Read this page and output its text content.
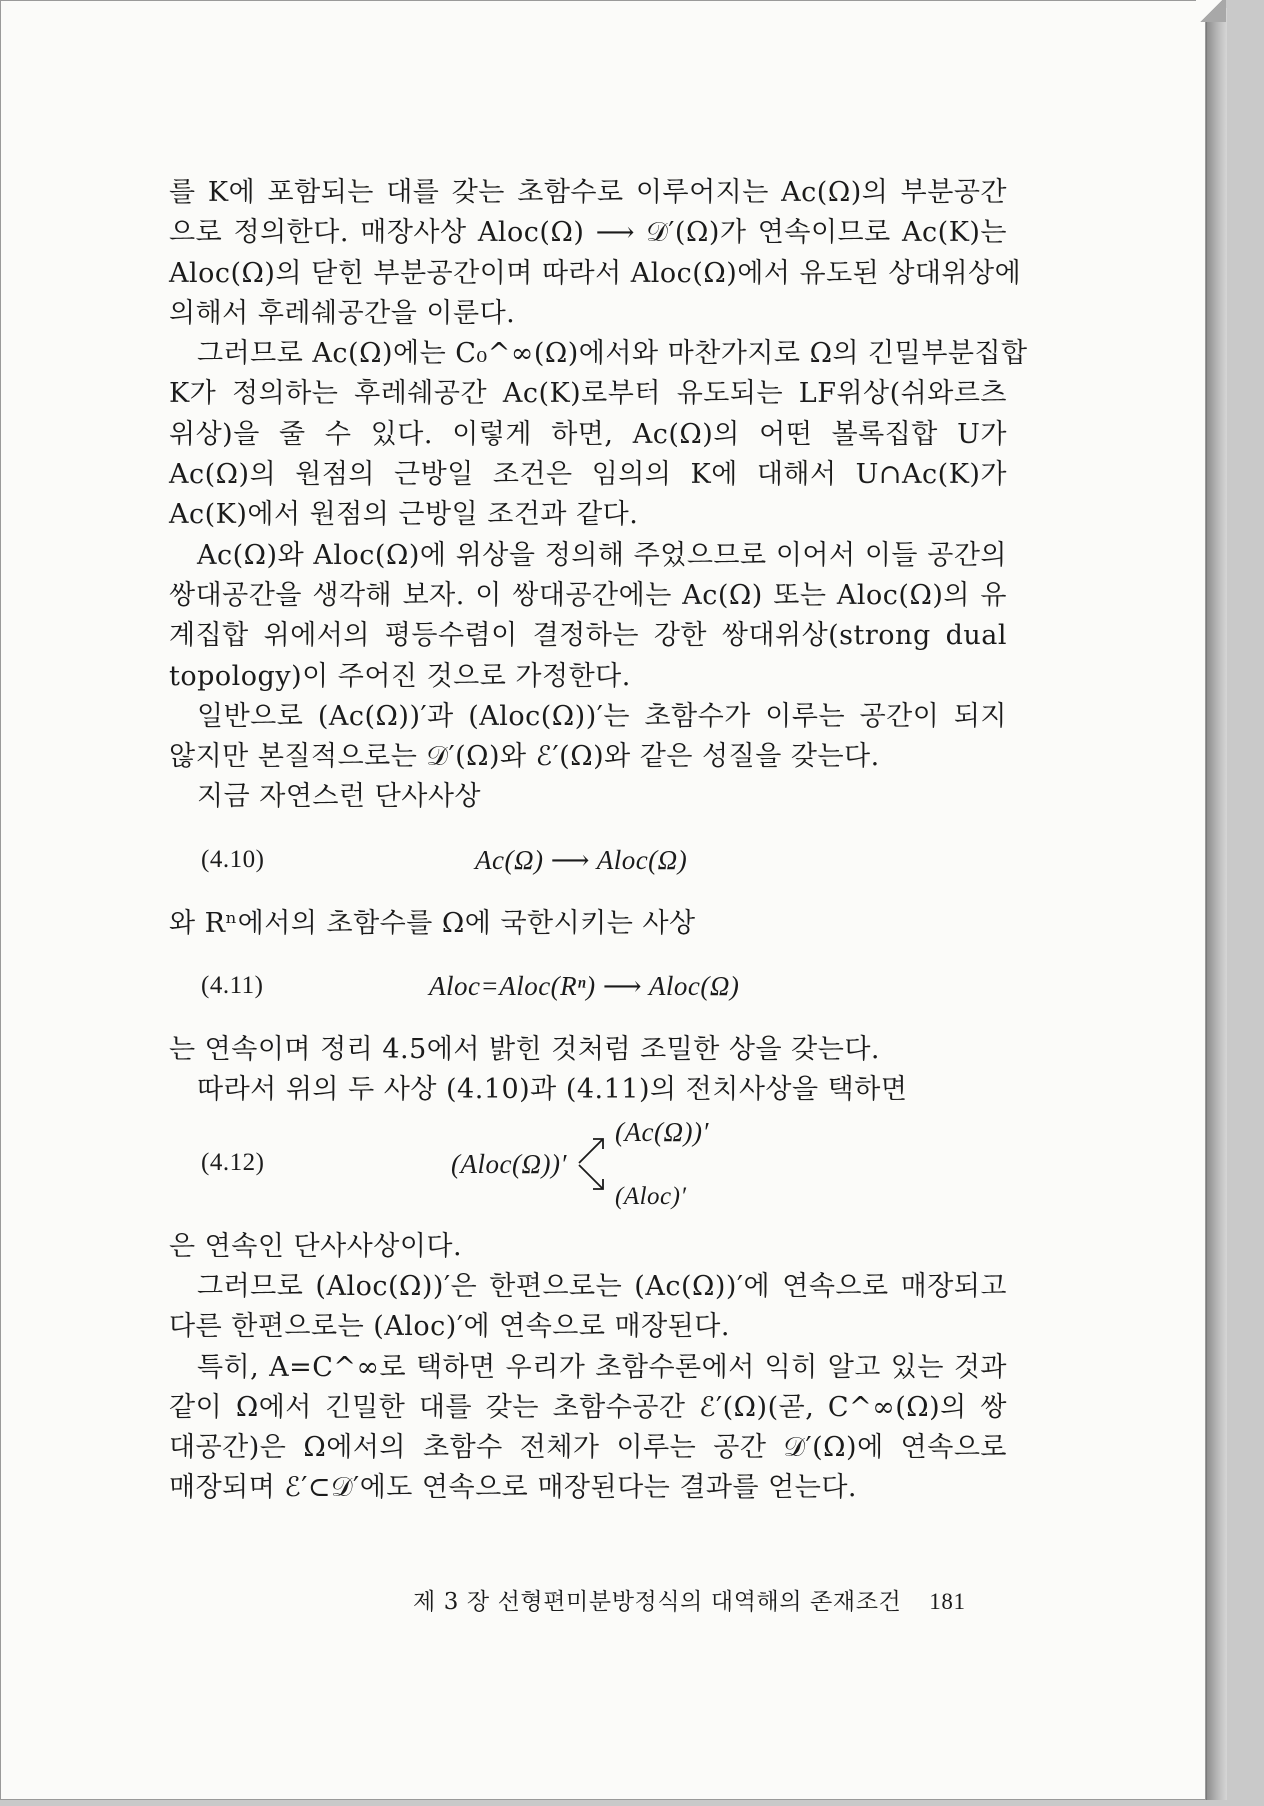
를 K에 포함되는 대를 갖는 초함수로 이루어지는 Ac(Ω)의 부분공간
으로 정의한다. 매장사상 Aloc(Ω) ⟶ 𝒟′(Ω)가 연속이므로 Ac(K)는
Aloc(Ω)의 닫힌 부분공간이며 따라서 Aloc(Ω)에서 유도된 상대위상에
의해서 후레쉐공간을 이룬다.
그러므로 Ac(Ω)에는 C₀^∞(Ω)에서와 마찬가지로 Ω의 긴밀부분집합
K가 정의하는 후레쉐공간 Ac(K)로부터 유도되는 LF위상(쉬와르츠
위상)을 줄 수 있다. 이렇게 하면, Ac(Ω)의 어떤 볼록집합 U가
Ac(Ω)의 원점의 근방일 조건은 임의의 K에 대해서 U∩Ac(K)가
Ac(K)에서 원점의 근방일 조건과 같다.
Ac(Ω)와 Aloc(Ω)에 위상을 정의해 주었으므로 이어서 이들 공간의
쌍대공간을 생각해 보자. 이 쌍대공간에는 Ac(Ω) 또는 Aloc(Ω)의 유
계집합 위에서의 평등수렴이 결정하는 강한 쌍대위상(strong dual
topology)이 주어진 것으로 가정한다.
일반으로 (Ac(Ω))′과 (Aloc(Ω))′는 초함수가 이루는 공간이 되지
않지만 본질적으로는 𝒟′(Ω)와 ℰ′(Ω)와 같은 성질을 갖는다.
지금 자연스런 단사사상
(4.10)	Ac(Ω) ⟶ Aloc(Ω)
와 Rⁿ에서의 초함수를 Ω에 국한시키는 사상
(4.11)	Aloc=Aloc(Rⁿ) ⟶ Aloc(Ω)
는 연속이며 정리 4.5에서 밝힌 것처럼 조밀한 상을 갖는다.
따라서 위의 두 사상 (4.10)과 (4.11)의 전치사상을 택하면
(4.12)	(Aloc(Ω))′
(Ac(Ω))′
(Aloc)′
은 연속인 단사사상이다.
그러므로 (Aloc(Ω))′은 한편으로는 (Ac(Ω))′에 연속으로 매장되고
다른 한편으로는 (Aloc)′에 연속으로 매장된다.
특히, A=C^∞로 택하면 우리가 초함수론에서 익히 알고 있는 것과
같이 Ω에서 긴밀한 대를 갖는 초함수공간 ℰ′(Ω)(곧, C^∞(Ω)의 쌍
대공간)은 Ω에서의 초함수 전체가 이루는 공간 𝒟′(Ω)에 연속으로
매장되며 ℰ′⊂𝒟′에도 연속으로 매장된다는 결과를 얻는다.
제 3 장 선형편미분방정식의 대역해의 존재조건 181
